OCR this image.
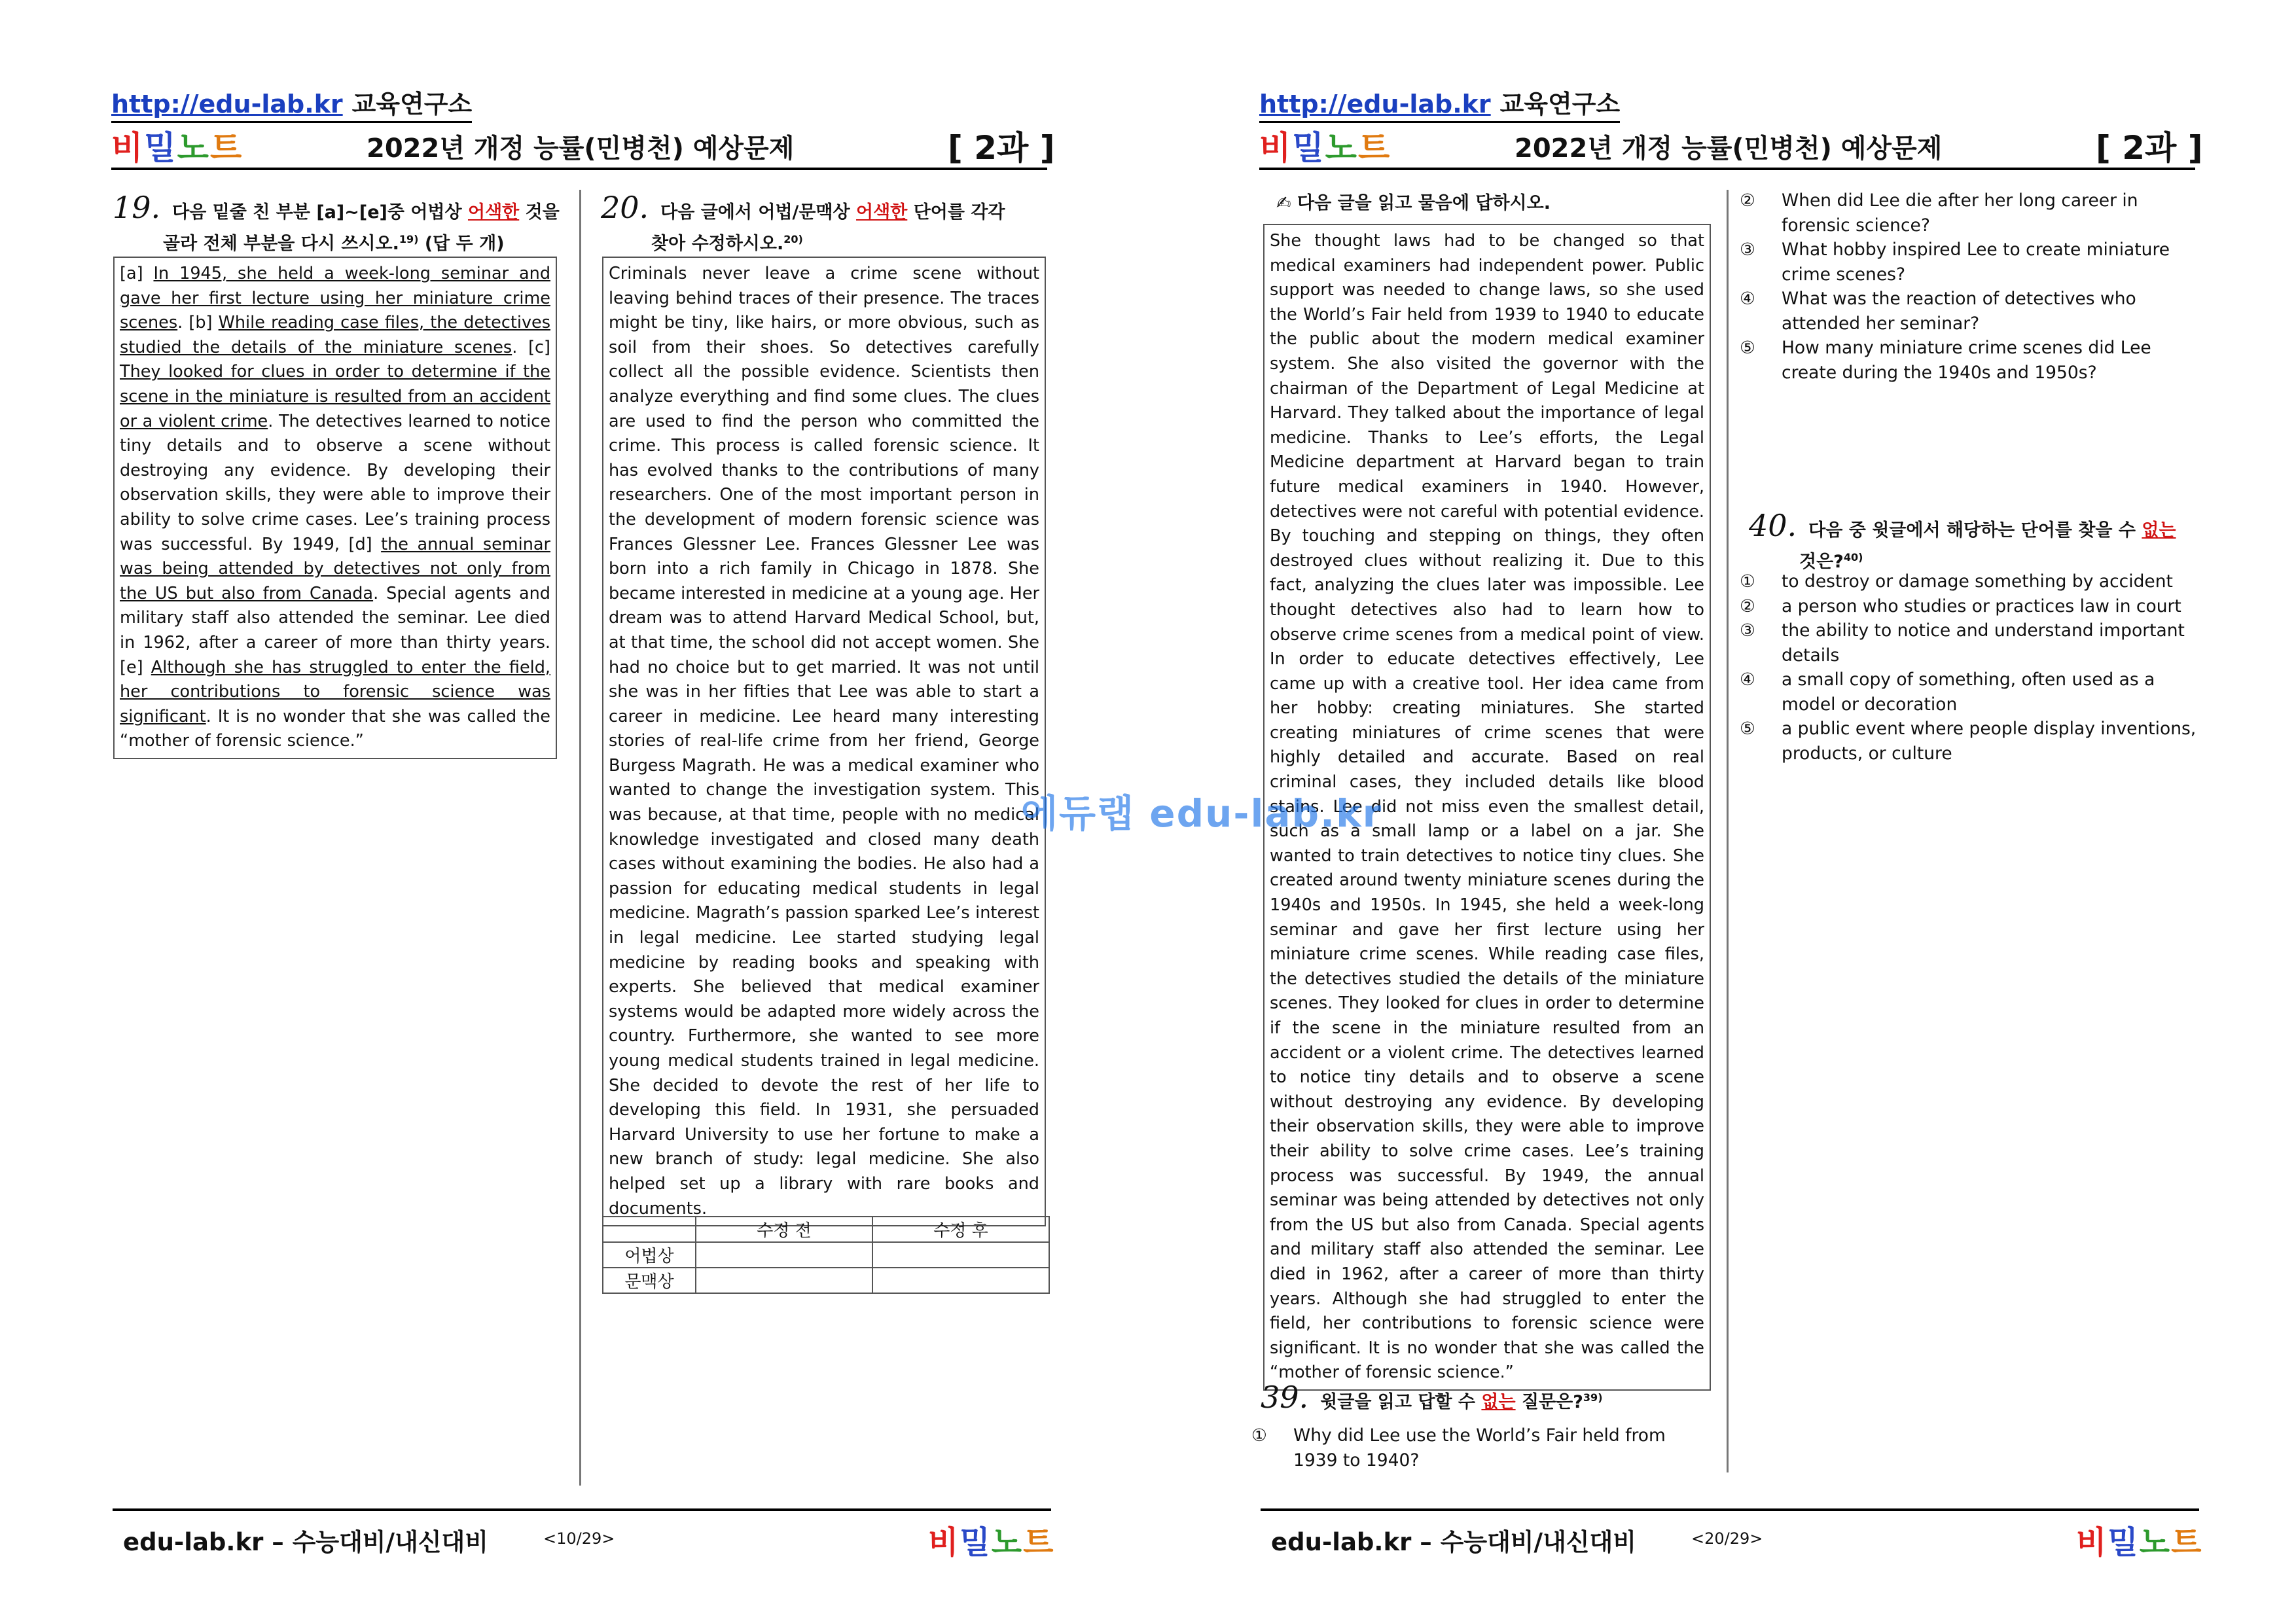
http://edu-lab.kr 교육연구소
비밀노트	2022년 개정 능률(민병천) 예상문제	[ 2과 ]
19. 다음 밑줄 친 부분 [a]~[e]중 어법상 어색한 것을
골라 전체 부분을 다시 쓰시오.$^{19)}$ (답 두 개)
[a] In 1945, she held a week-long seminar and gave her first lecture using her miniature crime scenes. [b] While reading case files, the detectives studied the details of the miniature scenes. [c] They looked for clues in order to determine if the scene in the miniature is resulted from an accident or a violent crime. The detectives learned to notice tiny details and to observe a scene without destroying any evidence. By developing their observation skills, they were able to improve their ability to solve crime cases. Lee’s training process was successful. By 1949, [d] the annual seminar was being attended by detectives not only from the US but also from Canada. Special agents and military staff also attended the seminar. Lee died in 1962, after a career of more than thirty years. [e] Although she has struggled to enter the field, her contributions to forensic science was significant. It is no wonder that she was called the “mother of forensic science.”
20. 다음 글에서 어법/문맥상 어색한 단어를 각각
찾아 수정하시오.$^{20)}$
Criminals never leave a crime scene without leaving behind traces of their presence. The traces might be tiny, like hairs, or more obvious, such as soil from their shoes. So detectives carefully collect all the possible evidence. Scientists then analyze everything and find some clues. The clues are used to find the person who committed the crime. This process is called forensic science. It has evolved thanks to the contributions of many researchers. One of the most important person in the development of modern forensic science was Frances Glessner Lee. Frances Glessner Lee was born into a rich family in Chicago in 1878. She became interested in medicine at a young age. Her dream was to attend Harvard Medical School, but, at that time, the school did not accept women. She had no choice but to get married. It was not until she was in her fifties that Lee was able to start a career in medicine. Lee heard many interesting stories of real-life crime from her friend, George Burgess Magrath. He was a medical examiner who wanted to change the investigation system. This was because, at that time, people with no medical knowledge investigated and closed many death cases without examining the bodies. He also had a passion for educating medical students in legal medicine. Magrath’s passion sparked Lee’s interest in legal medicine. Lee started studying legal medicine by reading books and speaking with experts. She believed that medical examiner systems would be adapted more widely across the country. Furthermore, she wanted to see more young medical students trained in legal medicine. She decided to devote the rest of her life to developing this field. In 1931, she persuaded Harvard University to use her fortune to make a new branch of study: legal medicine. She also helped set up a library with rare books and documents.
	수정 전	수정 후
어법상		
문맥상		
edu-lab.kr – 수능대비/내신대비	<10/29>	비밀노트
http://edu-lab.kr 교육연구소
비밀노트	2022년 개정 능률(민병천) 예상문제	[ 2과 ]
edu-lab.kr – 수능대비/내신대비	<20/29>	비밀노트
✍ 다음 글을 읽고 물음에 답하시오.
She thought laws had to be changed so that medical examiners had independent power. Public support was needed to change laws, so she used the World’s Fair held from 1939 to 1940 to educate the public about the modern medical examiner system. She also visited the governor with the chairman of the Department of Legal Medicine at Harvard. They talked about the importance of legal medicine. Thanks to Lee’s efforts, the Legal Medicine department at Harvard began to train future medical examiners in 1940. However, detectives were not careful with potential evidence. By touching and stepping on things, they often destroyed clues without realizing it. Due to this fact, analyzing the clues later was impossible. Lee thought detectives also had to learn how to observe crime scenes from a medical point of view. In order to educate detectives effectively, Lee came up with a creative tool. Her idea came from her hobby: creating miniatures. She started creating miniatures of crime scenes that were highly detailed and accurate. Based on real criminal cases, they included details like blood stains. Lee did not miss even the smallest detail, such as a small lamp or a label on a jar. She wanted to train detectives to notice tiny clues. She created around twenty miniature scenes during the 1940s and 1950s. In 1945, she held a week-long seminar and gave her first lecture using her miniature crime scenes. While reading case files, the detectives studied the details of the miniature scenes. They looked for clues in order to determine if the scene in the miniature resulted from an accident or a violent crime. The detectives learned to notice tiny details and to observe a scene without destroying any evidence. By developing their observation skills, they were able to improve their ability to solve crime cases. Lee’s training process was successful. By 1949, the annual seminar was being attended by detectives not only from the US but also from Canada. Special agents and military staff also attended the seminar. Lee died in 1962, after a career of more than thirty years. Although she had struggled to enter the field, her contributions to forensic science were significant. It is no wonder that she was called the “mother of forensic science.”
39. 윗글을 읽고 답할 수 없는 질문은?$^{39)}$
① Why did Lee use the World’s Fair held from 1939 to 1940?
② When did Lee die after her long career in forensic science?
③ What hobby inspired Lee to create miniature crime scenes?
④ What was the reaction of detectives who attended her seminar?
⑤ How many miniature crime scenes did Lee create during the 1940s and 1950s?
40. 다음 중 윗글에서 해당하는 단어를 찾을 수 없는
것은?$^{40)}$
① to destroy or damage something by accident
② a person who studies or practices law in court
③ the ability to notice and understand important details
④ a small copy of something, often used as a model or decoration
⑤ a public event where people display inventions, products, or culture
에듀랩 edu-lab.kr
